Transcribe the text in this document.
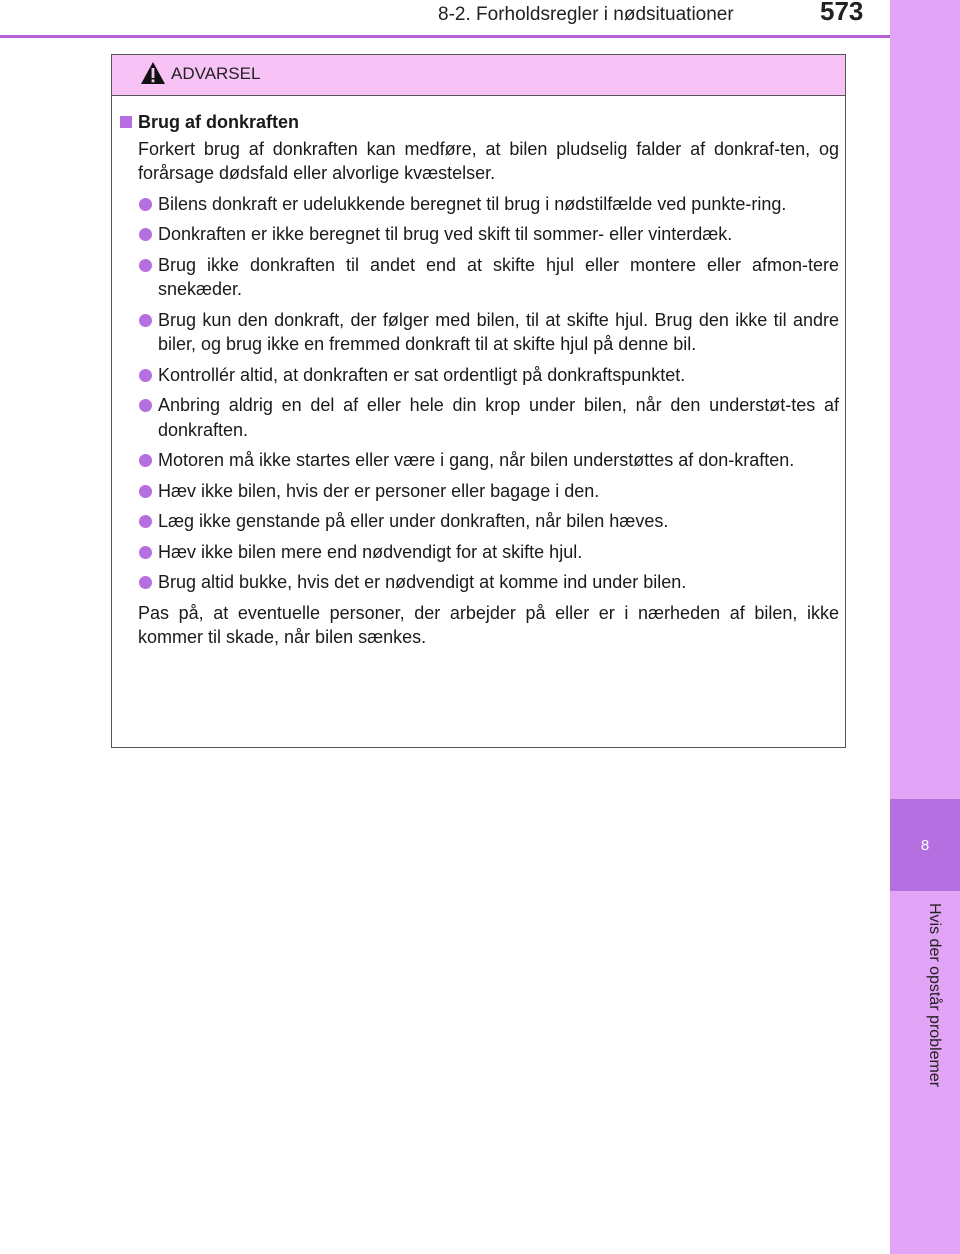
8-2. Forholdsregler i nødsituationer	573
8
Hvis der opstår problemer
ADVARSEL
Brug af donkraften
Forkert brug af donkraften kan medføre, at bilen pludselig falder af donkraf-ten, og forårsage dødsfald eller alvorlige kvæstelser.
Bilens donkraft er udelukkende beregnet til brug i nødstilfælde ved punkte-ring.
Donkraften er ikke beregnet til brug ved skift til sommer- eller vinterdæk.
Brug ikke donkraften til andet end at skifte hjul eller montere eller afmon-tere snekæder.
Brug kun den donkraft, der følger med bilen, til at skifte hjul. Brug den ikke til andre biler, og brug ikke en fremmed donkraft til at skifte hjul på denne bil.
Kontrollér altid, at donkraften er sat ordentligt på donkraftspunktet.
Anbring aldrig en del af eller hele din krop under bilen, når den understøt-tes af donkraften.
Motoren må ikke startes eller være i gang, når bilen understøttes af don-kraften.
Hæv ikke bilen, hvis der er personer eller bagage i den.
Læg ikke genstande på eller under donkraften, når bilen hæves.
Hæv ikke bilen mere end nødvendigt for at skifte hjul.
Brug altid bukke, hvis det er nødvendigt at komme ind under bilen.
Pas på, at eventuelle personer, der arbejder på eller er i nærheden af bilen, ikke kommer til skade, når bilen sænkes.
